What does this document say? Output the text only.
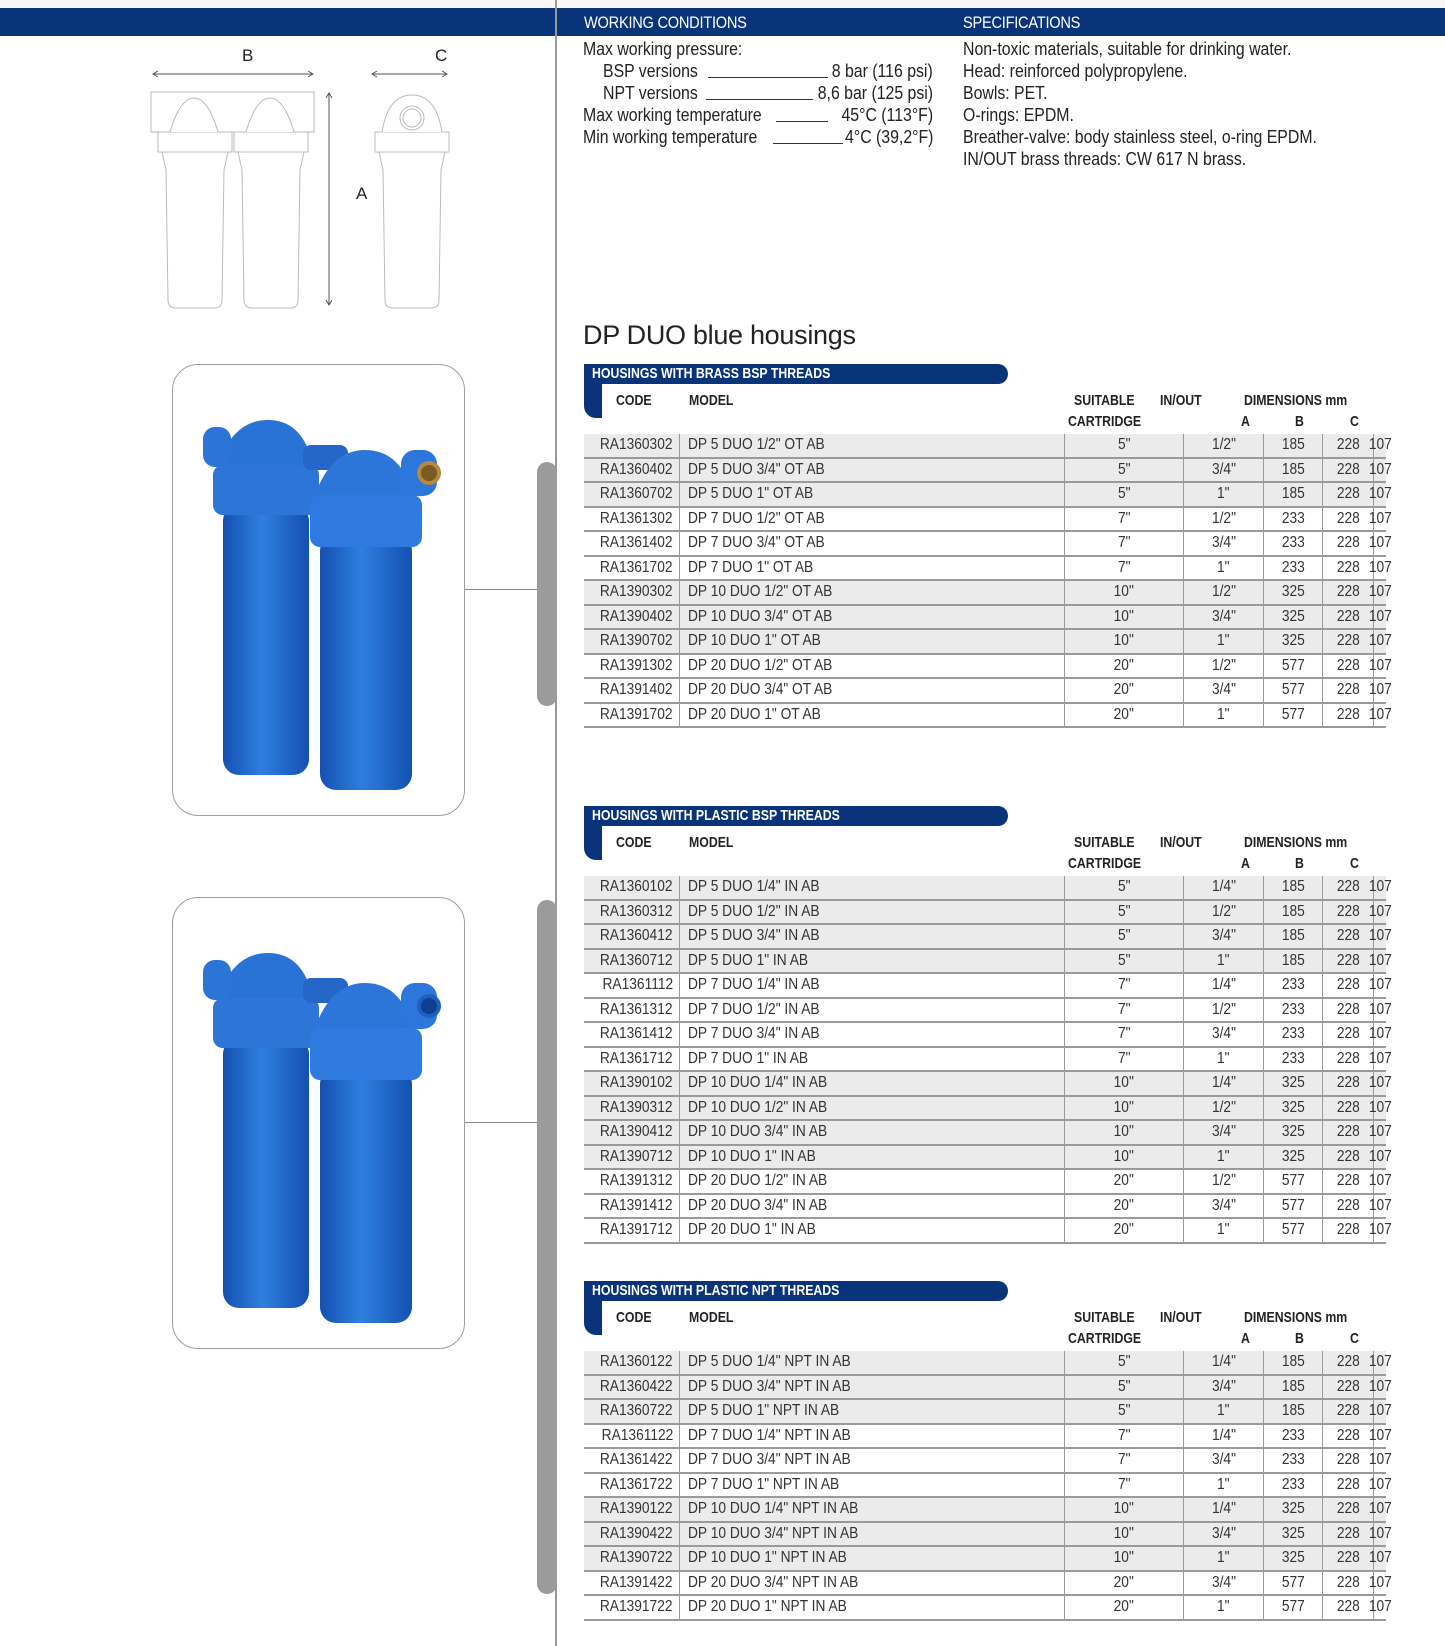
WORKING CONDITIONS	SPECIFICATIONS
Max working pressure:
BSP versions	8 bar (116 psi)
NPT versions	8,6 bar (125 psi)
Max working temperature	45°C (113°F)
Min working temperature	4°C (39,2°F)
Non-toxic materials, suitable for drinking water.
Head: reinforced polypropylene.
Bowls: PET.
O-rings: EPDM.
Breather-valve: body stainless steel, o-ring EPDM.
IN/OUT brass threads: CW 617 N brass.
B	C
A
DP DUO blue housings
HOUSINGS WITH BRASS BSP THREADS
CODE MODEL	SUITABLE
CARTRIDGE
IN/OUT	DIMENSIONS mm
A	B	C
RA1360302 DP 5 DUO 1/2" OT AB	5"	1/2"	185 228 107
RA1360402 DP 5 DUO 3/4" OT AB	5"	3/4"	185 228 107
RA1360702 DP 5 DUO 1" OT AB	5"	1"	185 228 107
RA1361302 DP 7 DUO 1/2" OT AB	7"	1/2"	233 228 107
RA1361402 DP 7 DUO 3/4" OT AB	7"	3/4"	233 228 107
RA1361702 DP 7 DUO 1" OT AB	7"	1"	233 228 107
RA1390302 DP 10 DUO 1/2" OT AB	10"	1/2"	325 228 107
RA1390402 DP 10 DUO 3/4" OT AB	10"	3/4"	325 228 107
RA1390702 DP 10 DUO 1" OT AB	10"	1"	325 228 107
RA1391302 DP 20 DUO 1/2" OT AB	20"	1/2"	577 228 107
RA1391402 DP 20 DUO 3/4" OT AB	20"	3/4"	577 228 107
RA1391702 DP 20 DUO 1" OT AB	20"	1"	577 228 107
HOUSINGS WITH PLASTIC BSP THREADS
CODE MODEL	SUITABLE
CARTRIDGE
IN/OUT	DIMENSIONS mm
A	B	C
RA1360102 DP 5 DUO 1/4" IN AB	5"	1/4"	185 228 107
RA1360312 DP 5 DUO 1/2" IN AB	5"	1/2"	185 228 107
RA1360412 DP 5 DUO 3/4" IN AB	5"	3/4"	185 228 107
RA1360712 DP 5 DUO 1" IN AB	5"	1"	185 228 107
RA1361112 DP 7 DUO 1/4" IN AB	7"	1/4"	233 228 107
RA1361312 DP 7 DUO 1/2" IN AB	7"	1/2"	233 228 107
RA1361412 DP 7 DUO 3/4" IN AB	7"	3/4"	233 228 107
RA1361712 DP 7 DUO 1" IN AB	7"	1"	233 228 107
RA1390102 DP 10 DUO 1/4" IN AB	10"	1/4"	325 228 107
RA1390312 DP 10 DUO 1/2" IN AB	10"	1/2"	325 228 107
RA1390412 DP 10 DUO 3/4" IN AB	10"	3/4"	325 228 107
RA1390712 DP 10 DUO 1" IN AB	10"	1"	325 228 107
RA1391312 DP 20 DUO 1/2" IN AB	20"	1/2"	577 228 107
RA1391412 DP 20 DUO 3/4" IN AB	20"	3/4"	577 228 107
RA1391712 DP 20 DUO 1" IN AB	20"	1"	577 228 107
HOUSINGS WITH PLASTIC NPT THREADS
CODE MODEL	SUITABLE
CARTRIDGE
IN/OUT	DIMENSIONS mm
A	B	C
RA1360122 DP 5 DUO 1/4" NPT IN AB	5"	1/4"	185 228 107
RA1360422 DP 5 DUO 3/4" NPT IN AB	5"	3/4"	185 228 107
RA1360722 DP 5 DUO 1" NPT IN AB	5"	1"	185 228 107
RA1361122 DP 7 DUO 1/4" NPT IN AB	7"	1/4"	233 228 107
RA1361422 DP 7 DUO 3/4" NPT IN AB	7"	3/4"	233 228 107
RA1361722 DP 7 DUO 1" NPT IN AB	7"	1"	233 228 107
RA1390122 DP 10 DUO 1/4" NPT IN AB	10"	1/4"	325 228 107
RA1390422 DP 10 DUO 3/4" NPT IN AB	10"	3/4"	325 228 107
RA1390722 DP 10 DUO 1" NPT IN AB	10"	1"	325 228 107
RA1391422 DP 20 DUO 3/4" NPT IN AB	20"	3/4"	577 228 107
RA1391722 DP 20 DUO 1" NPT IN AB	20"	1"	577 228 107
